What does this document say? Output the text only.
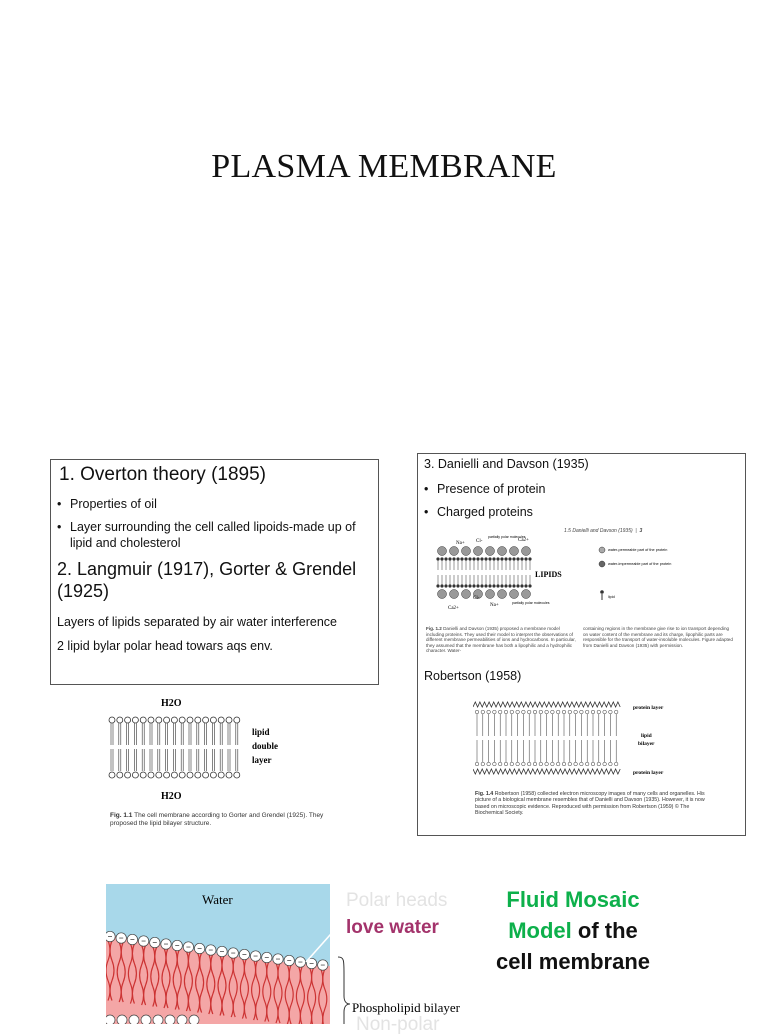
PLASMA MEMBRANE
1. Overton theory (1895)
• Properties of oil
• Layer surrounding the cell called lipoids-made up of lipid and cholesterol
2. Langmuir (1917), Gorter & Grendel (1925)
Layers of lipids separated by air water interference
2 lipid bylar polar head towars aqs env.
H2O
lipid
double
layer
H2O
Fig. 1.1 The cell membrane according to Gorter and Grendel (1925). They proposed the lipid bilayer structure.
3. Danielli and Davson (1935)
• Presence of protein
• Charged proteins
1.5 Danielli and Davson (1935)  |  3
Na+ Cl-	Ca2+
partially polar molecules
Cl-
Na+
Ca2+
partially polar molecules
LIPIDS
water-permeable part of the protein
water-impermeable part of the protein
lipid
Fig. 1.2 Danielli and Davson (1935) proposed a membrane model including proteins. They used their model to interpret the observations of different membrane permeabilities of ions and hydrocarbons. In particular, they assumed that the membrane has both a lipophilic and a hydrophilic character. Water-
containing regions in the membrane give rise to ion transport depending on water content of the membrane and its charge, lipophilic parts are responsible for the transport of water-insoluble molecules. Figure adapted from Danielli and Davson (1935) with permission.
Robertson (1958)
protein layer
lipid
bilayer
protein layer
Fig. 1.4 Robertson (1958) collected electron microscopy images of many cells and organelles. His picture of a biological membrane resembles that of Danielli and Davson (1935). However, it is now based on microscopic evidence. Reproduced with permission from Robertson (1959) © The Biochemical Society.
Water
Phospholipid bilayer
Polar heads
love water
Non-polar
Fluid Mosaic
Model of the
cell membrane
